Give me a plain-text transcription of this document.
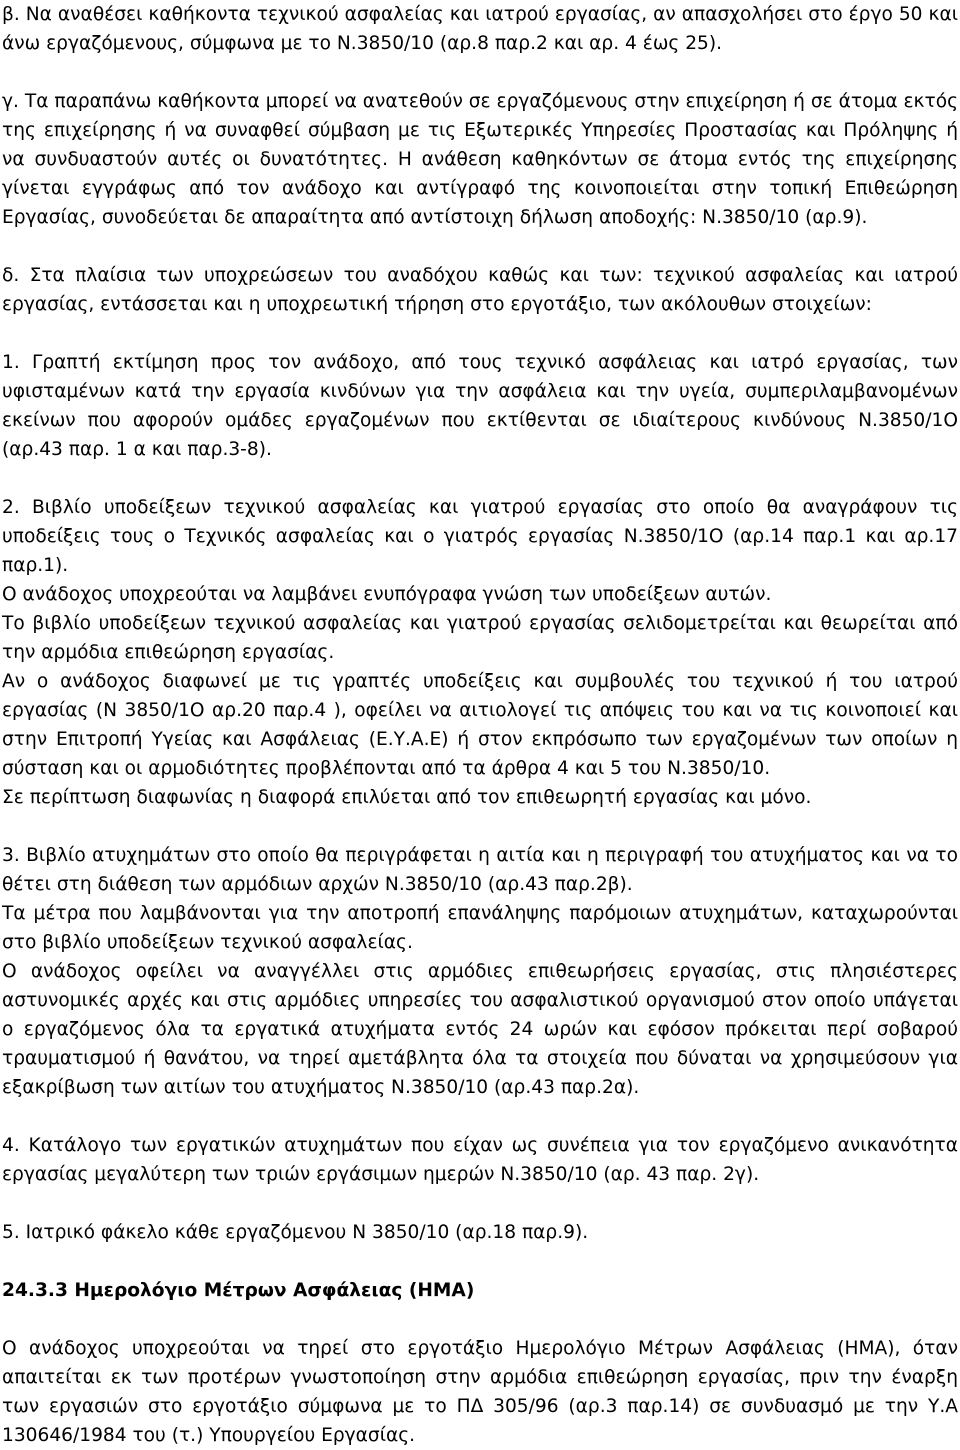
β. Να αναθέσει καθήκοντα τεχνικού ασφαλείας και ιατρού εργασίας, αν απασχολήσει στο έργο 50 και άνω εργαζόμενους, σύμφωνα με το Ν.3850/10 (αρ.8 παρ.2 και αρ. 4 έως 25).

γ. Τα παραπάνω καθήκοντα μπορεί να ανατεθούν σε εργαζόμενους στην επιχείρηση ή σε άτομα εκτός της επιχείρησης ή να συναφθεί σύμβαση με τις Εξωτερικές Υπηρεσίες Προστασίας και Πρόληψης ή να συνδυαστούν αυτές οι δυνατότητες. Η ανάθεση καθηκόντων σε άτομα εντός της επιχείρησης γίνεται εγγράφως από τον ανάδοχο και αντίγραφό της κοινοποιείται στην τοπική Επιθεώρηση Εργασίας, συνοδεύεται δε απαραίτητα από αντίστοιχη δήλωση αποδοχής: Ν.3850/10 (αρ.9).

δ. Στα πλαίσια των υποχρεώσεων του αναδόχου καθώς και των: τεχνικού ασφαλείας και ιατρού εργασίας, εντάσσεται και η υποχρεωτική τήρηση στο εργοτάξιο, των ακόλουθων στοιχείων:

1. Γραπτή εκτίμηση προς τον ανάδοχο, από τους τεχνικό ασφάλειας και ιατρό εργασίας, των υφισταμένων κατά την εργασία κινδύνων για την ασφάλεια και την υγεία, συμπεριλαμβανομένων εκείνων που αφορούν ομάδες εργαζομένων που εκτίθενται σε ιδιαίτερους κινδύνους Ν.3850/1Ο (αρ.43 παρ. 1 α και παρ.3-8).

2. Βιβλίο υποδείξεων τεχνικού ασφαλείας και γιατρού εργασίας στο οποίο θα αναγράφουν τις υποδείξεις τους ο Τεχνικός ασφαλείας και ο γιατρός εργασίας Ν.3850/1Ο (αρ.14 παρ.1 και αρ.17 παρ.1).

Ο ανάδοχος υποχρεούται να λαμβάνει ενυπόγραφα γνώση των υποδείξεων αυτών.

Το βιβλίο υποδείξεων τεχνικού ασφαλείας και γιατρού εργασίας σελιδομετρείται και θεωρείται από την αρμόδια επιθεώρηση εργασίας.

Αν ο ανάδοχος διαφωνεί με τις γραπτές υποδείξεις και συμβουλές του τεχνικού ή του ιατρού εργασίας (Ν 3850/1Ο αρ.20 παρ.4 ), οφείλει να αιτιολογεί τις απόψεις του και να τις κοινοποιεί και στην Επιτροπή Υγείας και Ασφάλειας (Ε.Υ.Α.Ε) ή στον εκπρόσωπο των εργαζομένων των οποίων η σύσταση και οι αρμοδιότητες προβλέπονται από τα άρθρα 4 και 5 του Ν.3850/10.

Σε περίπτωση διαφωνίας η διαφορά επιλύεται από τον επιθεωρητή εργασίας και μόνο.

3. Βιβλίο ατυχημάτων στο οποίο θα περιγράφεται η αιτία και η περιγραφή του ατυχήματος και να το θέτει στη διάθεση των αρμόδιων αρχών Ν.3850/10 (αρ.43 παρ.2β).

Τα μέτρα που λαμβάνονται για την αποτροπή επανάληψης παρόμοιων ατυχημάτων, καταχωρούνται στο βιβλίο υποδείξεων τεχνικού ασφαλείας.

Ο ανάδοχος οφείλει να αναγγέλλει στις αρμόδιες επιθεωρήσεις εργασίας, στις πλησιέστερες αστυνομικές αρχές και στις αρμόδιες υπηρεσίες του ασφαλιστικού οργανισμού στον οποίο υπάγεται ο εργαζόμενος όλα τα εργατικά ατυχήματα εντός 24 ωρών και εφόσον πρόκειται περί σοβαρού τραυματισμού ή θανάτου, να τηρεί αμετάβλητα όλα τα στοιχεία που δύναται να χρησιμεύσουν για εξακρίβωση των αιτίων του ατυχήματος Ν.3850/10 (αρ.43 παρ.2α).

4. Κατάλογο των εργατικών ατυχημάτων που είχαν ως συνέπεια για τον εργαζόμενο ανικανότητα εργασίας μεγαλύτερη των τριών εργάσιμων ημερών Ν.3850/10 (αρ. 43 παρ. 2γ).

5. Ιατρικό φάκελο κάθε εργαζόμενου Ν 3850/10 (αρ.18 παρ.9).

24.3.3 Ημερολόγιο Μέτρων Ασφάλειας (ΗΜΑ)

Ο ανάδοχος υποχρεούται να τηρεί στο εργοτάξιο Ημερολόγιο Μέτρων Ασφάλειας (ΗΜΑ), όταν απαιτείται εκ των προτέρων γνωστοποίηση στην αρμόδια επιθεώρηση εργασίας, πριν την έναρξη των εργασιών στο εργοτάξιο σύμφωνα με το ΠΔ 305/96 (αρ.3 παρ.14) σε συνδυασμό με την Υ.Α 130646/1984 του (τ.) Υπουργείου Εργασίας.
